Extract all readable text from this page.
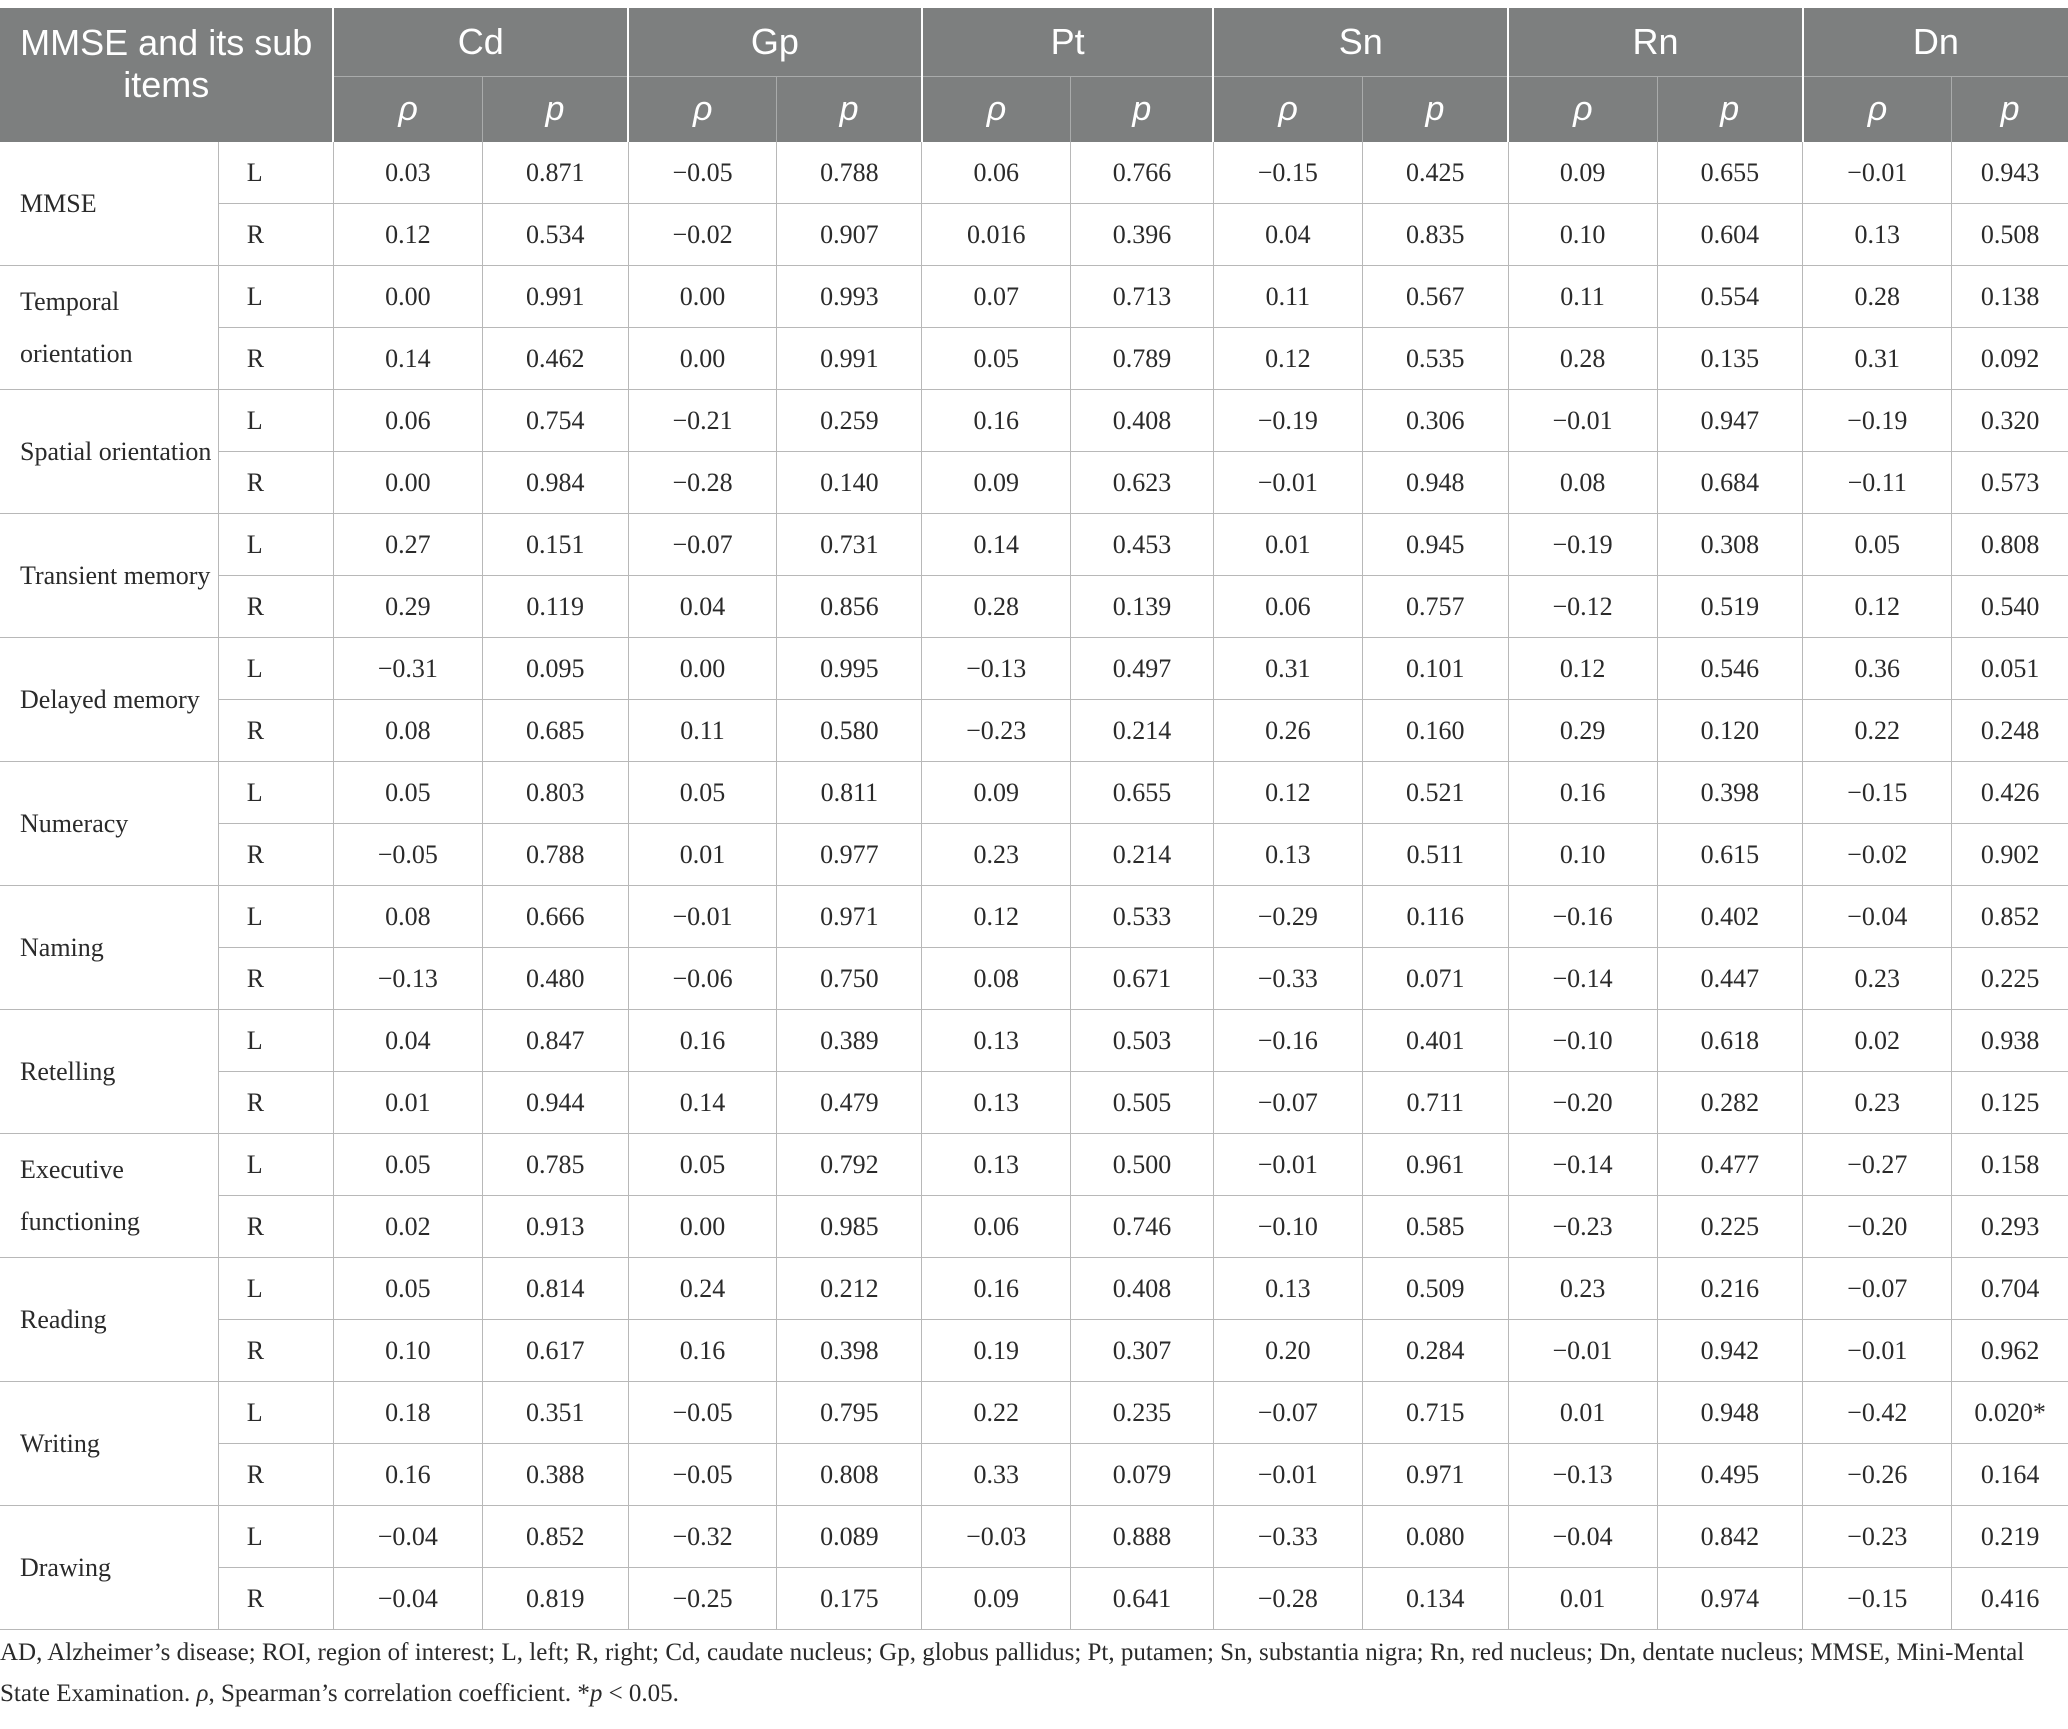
MMSE and its sub items		Cd		Gp		Pt		Sn		Rn		Dn	
		ρ	p	ρ	p	ρ	p	ρ	p	ρ	p	ρ	p
MMSE	L	0.03	0.871	−0.05	0.788	0.06	0.766	−0.15	0.425	0.09	0.655	−0.01	0.943
	R	0.12	0.534	−0.02	0.907	0.016	0.396	0.04	0.835	0.10	0.604	0.13	0.508
Temporal orientation	L	0.00	0.991	0.00	0.993	0.07	0.713	0.11	0.567	0.11	0.554	0.28	0.138
	R	0.14	0.462	0.00	0.991	0.05	0.789	0.12	0.535	0.28	0.135	0.31	0.092
Spatial orientation	L	0.06	0.754	−0.21	0.259	0.16	0.408	−0.19	0.306	−0.01	0.947	−0.19	0.320
	R	0.00	0.984	−0.28	0.140	0.09	0.623	−0.01	0.948	0.08	0.684	−0.11	0.573
Transient memory	L	0.27	0.151	−0.07	0.731	0.14	0.453	0.01	0.945	−0.19	0.308	0.05	0.808
	R	0.29	0.119	0.04	0.856	0.28	0.139	0.06	0.757	−0.12	0.519	0.12	0.540
Delayed memory	L	−0.31	0.095	0.00	0.995	−0.13	0.497	0.31	0.101	0.12	0.546	0.36	0.051
	R	0.08	0.685	0.11	0.580	−0.23	0.214	0.26	0.160	0.29	0.120	0.22	0.248
Numeracy	L	0.05	0.803	0.05	0.811	0.09	0.655	0.12	0.521	0.16	0.398	−0.15	0.426
	R	−0.05	0.788	0.01	0.977	0.23	0.214	0.13	0.511	0.10	0.615	−0.02	0.902
Naming	L	0.08	0.666	−0.01	0.971	0.12	0.533	−0.29	0.116	−0.16	0.402	−0.04	0.852
	R	−0.13	0.480	−0.06	0.750	0.08	0.671	−0.33	0.071	−0.14	0.447	0.23	0.225
Retelling	L	0.04	0.847	0.16	0.389	0.13	0.503	−0.16	0.401	−0.10	0.618	0.02	0.938
	R	0.01	0.944	0.14	0.479	0.13	0.505	−0.07	0.711	−0.20	0.282	0.23	0.125
Executive functioning	L	0.05	0.785	0.05	0.792	0.13	0.500	−0.01	0.961	−0.14	0.477	−0.27	0.158
	R	0.02	0.913	0.00	0.985	0.06	0.746	−0.10	0.585	−0.23	0.225	−0.20	0.293
Reading	L	0.05	0.814	0.24	0.212	0.16	0.408	0.13	0.509	0.23	0.216	−0.07	0.704
	R	0.10	0.617	0.16	0.398	0.19	0.307	0.20	0.284	−0.01	0.942	−0.01	0.962
Writing	L	0.18	0.351	−0.05	0.795	0.22	0.235	−0.07	0.715	0.01	0.948	−0.42	0.020*
	R	0.16	0.388	−0.05	0.808	0.33	0.079	−0.01	0.971	−0.13	0.495	−0.26	0.164
Drawing	L	−0.04	0.852	−0.32	0.089	−0.03	0.888	−0.33	0.080	−0.04	0.842	−0.23	0.219
	R	−0.04	0.819	−0.25	0.175	0.09	0.641	−0.28	0.134	0.01	0.974	−0.15	0.416
AD, Alzheimer’s disease; ROI, region of interest; L, left; R, right; Cd, caudate nucleus; Gp, globus pallidus; Pt, putamen; Sn, substantia nigra; Rn, red nucleus; Dn, dentate nucleus; MMSE, Mini-Mental State Examination. ρ, Spearman’s correlation coefficient. *p < 0.05.
